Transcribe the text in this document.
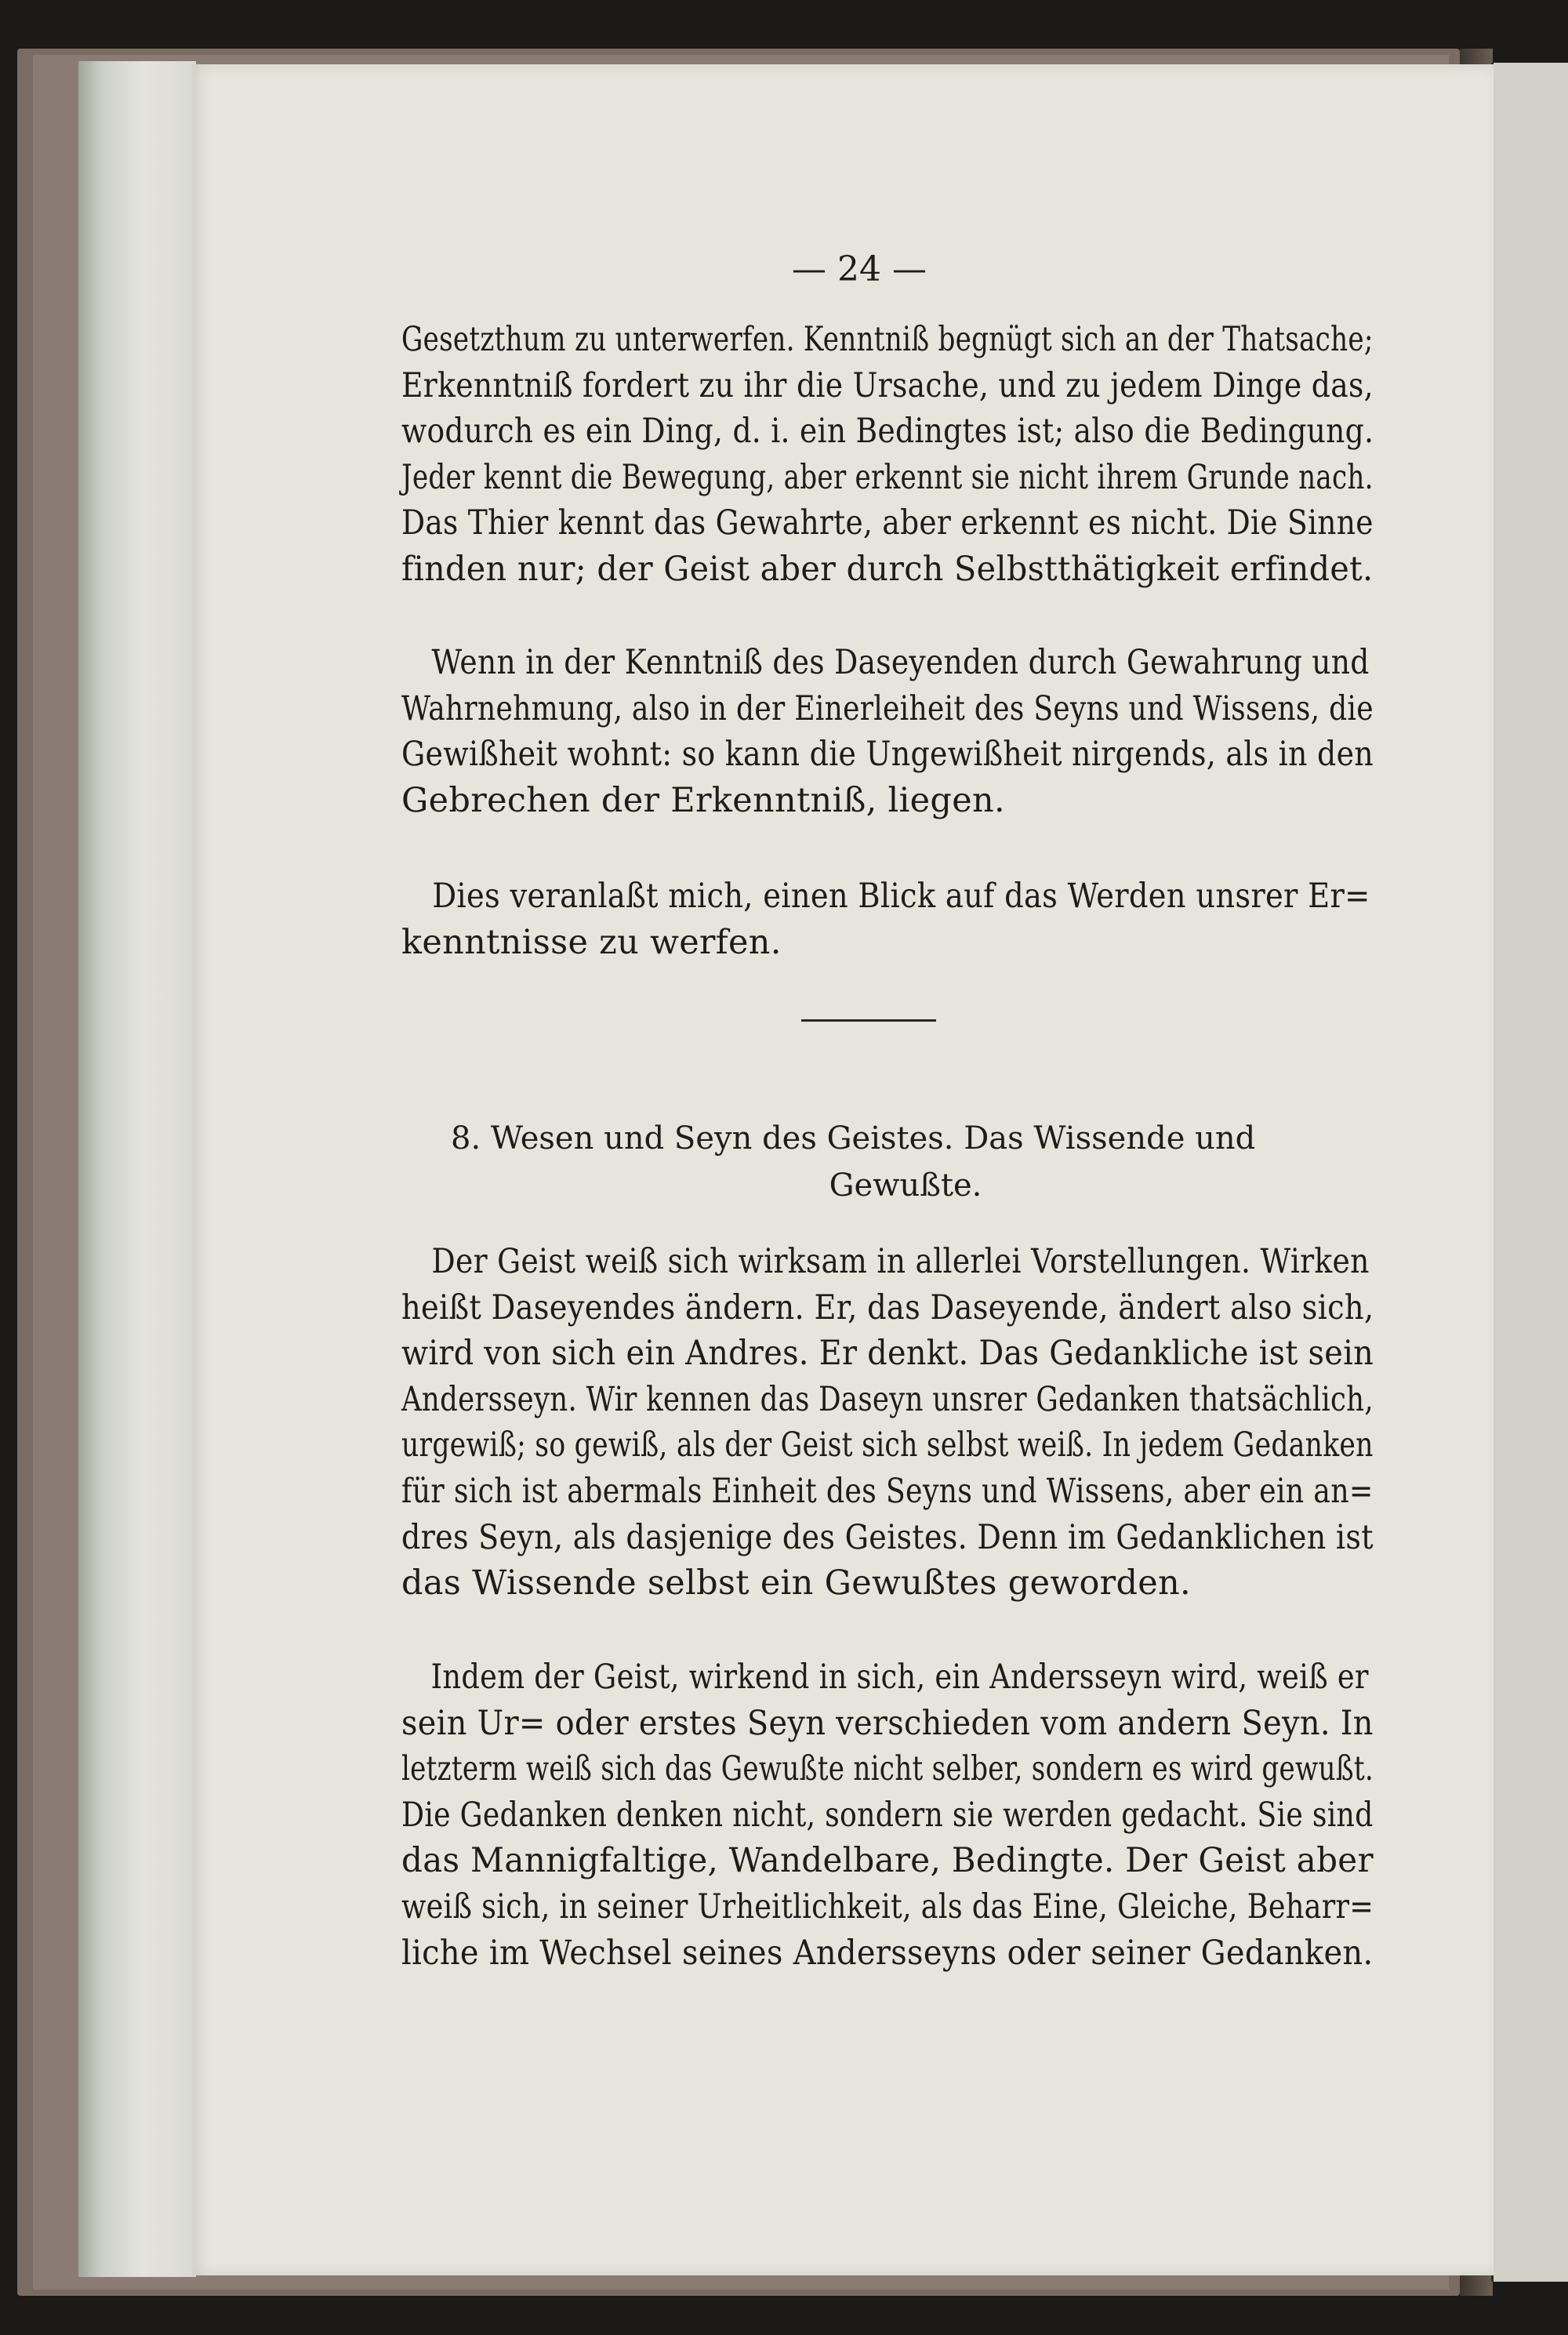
— 24 —
Gesetzthum zu unterwerfen. Kenntniß begnügt sich an der Thatsache;
Erkenntniß fordert zu ihr die Ursache, und zu jedem Dinge das,
wodurch es ein Ding, d. i. ein Bedingtes ist; also die Bedingung.
Jeder kennt die Bewegung, aber erkennt sie nicht ihrem Grunde nach.
Das Thier kennt das Gewahrte, aber erkennt es nicht. Die Sinne
finden nur; der Geist aber durch Selbstthätigkeit erfindet.
Wenn in der Kenntniß des Daseyenden durch Gewahrung und
Wahrnehmung, also in der Einerleiheit des Seyns und Wissens, die
Gewißheit wohnt: so kann die Ungewißheit nirgends, als in den
Gebrechen der Erkenntniß, liegen.
Dies veranlaßt mich, einen Blick auf das Werden unsrer Er=
kenntnisse zu werfen.
8. Wesen und Seyn des Geistes. Das Wissende und
Gewußte.
Der Geist weiß sich wirksam in allerlei Vorstellungen. Wirken
heißt Daseyendes ändern. Er, das Daseyende, ändert also sich,
wird von sich ein Andres. Er denkt. Das Gedankliche ist sein
Andersseyn. Wir kennen das Daseyn unsrer Gedanken thatsächlich,
urgewiß; so gewiß, als der Geist sich selbst weiß. In jedem Gedanken
für sich ist abermals Einheit des Seyns und Wissens, aber ein an=
dres Seyn, als dasjenige des Geistes. Denn im Gedanklichen ist
das Wissende selbst ein Gewußtes geworden.
Indem der Geist, wirkend in sich, ein Andersseyn wird, weiß er
sein Ur= oder erstes Seyn verschieden vom andern Seyn. In
letzterm weiß sich das Gewußte nicht selber, sondern es wird gewußt.
Die Gedanken denken nicht, sondern sie werden gedacht. Sie sind
das Mannigfaltige, Wandelbare, Bedingte. Der Geist aber
weiß sich, in seiner Urheitlichkeit, als das Eine, Gleiche, Beharr=
liche im Wechsel seines Andersseyns oder seiner Gedanken.
